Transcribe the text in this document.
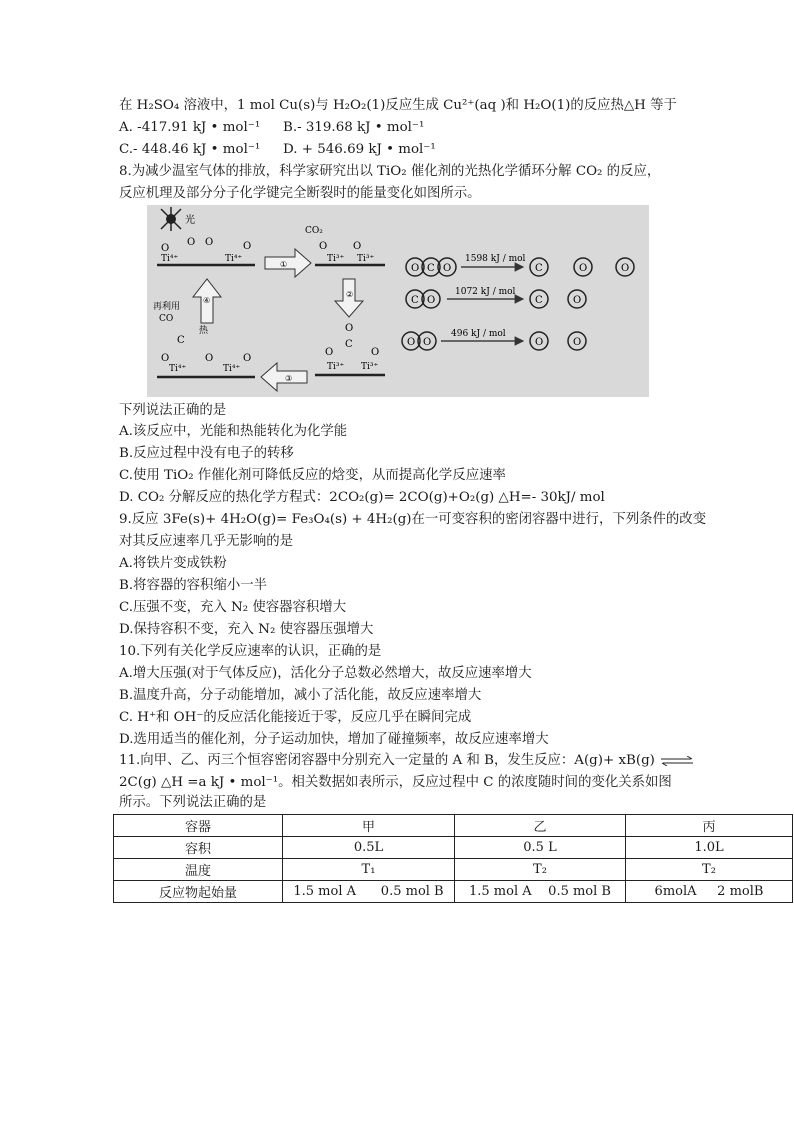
在 H₂SO₄ 溶液中，1 mol Cu(s)与 H₂O₂(1)反应生成 Cu²⁺(aq )和 H₂O(1)的反应热△H 等于
A. -417.91 kJ • mol⁻¹ B.- 319.68 kJ • mol⁻¹
C.- 448.46 kJ • mol⁻¹ D. + 546.69 kJ • mol⁻¹
8.为减少温室气体的排放，科学家研究出以 TiO₂ 催化剂的光热化学循环分解 CO₂ 的反应，
反应机理及部分分子化学键完全断裂时的能量变化如图所示。
光
O
O O	O
Ti⁴⁺	Ti⁴⁺
①
CO₂
O	O
Ti³⁺ Ti³⁺
②
O
C
O	O
Ti³⁺ Ti³⁺
③
再利用
CO
C
热
O	O	O
Ti⁴⁺	Ti⁴⁺
④
O C O	C	O	O
1598 kJ / mol
C O	C	O
1072 kJ / mol
O O	O	O
496 kJ / mol
下列说法正确的是
A.该反应中，光能和热能转化为化学能
B.反应过程中没有电子的转移
C.使用 TiO₂ 作催化剂可降低反应的焓变，从而提高化学反应速率
D. CO₂ 分解反应的热化学方程式：2CO₂(g)= 2CO(g)+O₂(g) △H=- 30kJ/ mol
9.反应 3Fe(s)+ 4H₂O(g)= Fe₃O₄(s) + 4H₂(g)在一可变容积的密闭容器中进行，下列条件的改变
对其反应速率几乎无影响的是
A.将铁片变成铁粉
B.将容器的容积缩小一半
C.压强不变，充入 N₂ 使容器容积增大
D.保持容积不变，充入 N₂ 使容器压强增大
10.下列有关化学反应速率的认识，正确的是
A.增大压强(对于气体反应)，活化分子总数必然增大，故反应速率增大
B.温度升高，分子动能增加，减小了活化能，故反应速率增大
C. H⁺和 OH⁻的反应活化能接近于零，反应几乎在瞬间完成
D.选用适当的催化剂，分子运动加快，增加了碰撞频率，故反应速率增大
11.向甲、乙、丙三个恒容密闭容器中分别充入一定量的 A 和 B，发生反应：A(g)+ xB(g) ⇌
2C(g) △H =a kJ • mol⁻¹。相关数据如表所示，反应过程中 C 的浓度随时间的变化关系如图
所示。下列说法正确的是
容器	甲	乙	丙
容积	0.5L	0.5 L	1.0L
温度	T₁	T₂	T₂
反应物起始量	1.5 mol A      0.5 mol B	1.5 mol A    0.5 mol B	6molA     2 molB
